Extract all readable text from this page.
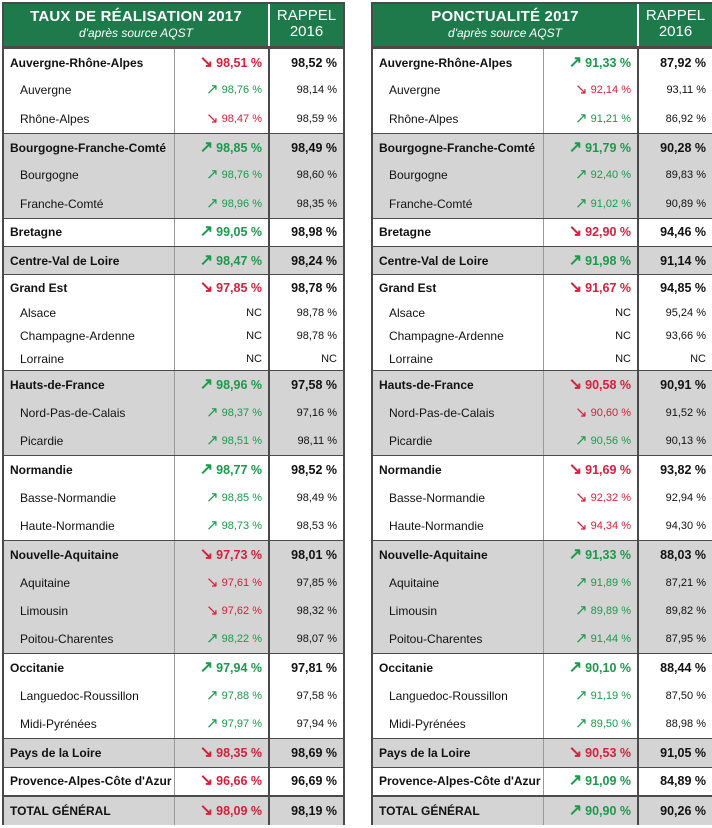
TAUX DE RÉALISATION 2017
d'après source AQST
RAPPEL 2016
Auvergne-Rhône-Alpes	↘ 98,51 %	98,52 %
Auvergne	↗ 98,76 %	98,14 %
Rhône-Alpes	↘ 98,47 %	98,59 %
Bourgogne-Franche-Comté	↗ 98,85 %	98,49 %
Bourgogne	↗ 98,76 %	98,60 %
Franche-Comté	↗ 98,96 %	98,35 %
Bretagne	↗ 99,05 %	98,98 %
Centre-Val de Loire	↗ 98,47 %	98,24 %
Grand Est	↘ 97,85 %	98,78 %
Alsace	NC	98,78 %
Champagne-Ardenne	NC	98,78 %
Lorraine	NC	NC
Hauts-de-France	↗ 98,96 %	97,58 %
Nord-Pas-de-Calais	↗ 98,37 %	97,16 %
Picardie	↗ 98,51 %	98,11 %
Normandie	↗ 98,77 %	98,52 %
Basse-Normandie	↗ 98,85 %	98,49 %
Haute-Normandie	↗ 98,73 %	98,53 %
Nouvelle-Aquitaine	↘ 97,73 %	98,01 %
Aquitaine	↘ 97,61 %	97,85 %
Limousin	↘ 97,62 %	98,32 %
Poitou-Charentes	↗ 98,22 %	98,07 %
Occitanie	↗ 97,94 %	97,81 %
Languedoc-Roussillon	↗ 97,88 %	97,58 %
Midi-Pyrénées	↗ 97,97 %	97,94 %
Pays de la Loire	↘ 98,35 %	98,69 %
Provence-Alpes-Côte d'Azur ↘ 96,66 %	96,69 %
TOTAL GÉNÉRAL	↘ 98,09 %	98,19 %
PONCTUALITÉ 2017
d'après source AQST
RAPPEL 2016
Auvergne-Rhône-Alpes	↗ 91,33 %	87,92 %
Auvergne	↘ 92,14 %	93,11 %
Rhône-Alpes	↗ 91,21 %	86,92 %
Bourgogne-Franche-Comté	↗ 91,79 %	90,28 %
Bourgogne	↗ 92,40 %	89,83 %
Franche-Comté	↗ 91,02 %	90,89 %
Bretagne	↘ 92,90 %	94,46 %
Centre-Val de Loire	↗ 91,98 %	91,14 %
Grand Est	↘ 91,67 %	94,85 %
Alsace	NC	95,24 %
Champagne-Ardenne	NC	93,66 %
Lorraine	NC	NC
Hauts-de-France	↘ 90,58 %	90,91 %
Nord-Pas-de-Calais	↘ 90,60 %	91,52 %
Picardie	↗ 90,56 %	90,13 %
Normandie	↘ 91,69 %	93,82 %
Basse-Normandie	↘ 92,32 %	92,94 %
Haute-Normandie	↘ 94,34 %	94,30 %
Nouvelle-Aquitaine	↗ 91,33 %	88,03 %
Aquitaine	↗ 91,89 %	87,21 %
Limousin	↗ 89,89 %	89,82 %
Poitou-Charentes	↗ 91,44 %	87,95 %
Occitanie	↗ 90,10 %	88,44 %
Languedoc-Roussillon	↗ 91,19 %	87,50 %
Midi-Pyrénées	↗ 89,50 %	88,98 %
Pays de la Loire	↘ 90,53 %	91,05 %
Provence-Alpes-Côte d'Azur ↗ 91,09 %	84,89 %
TOTAL GÉNÉRAL	↗ 90,90 %	90,26 %
